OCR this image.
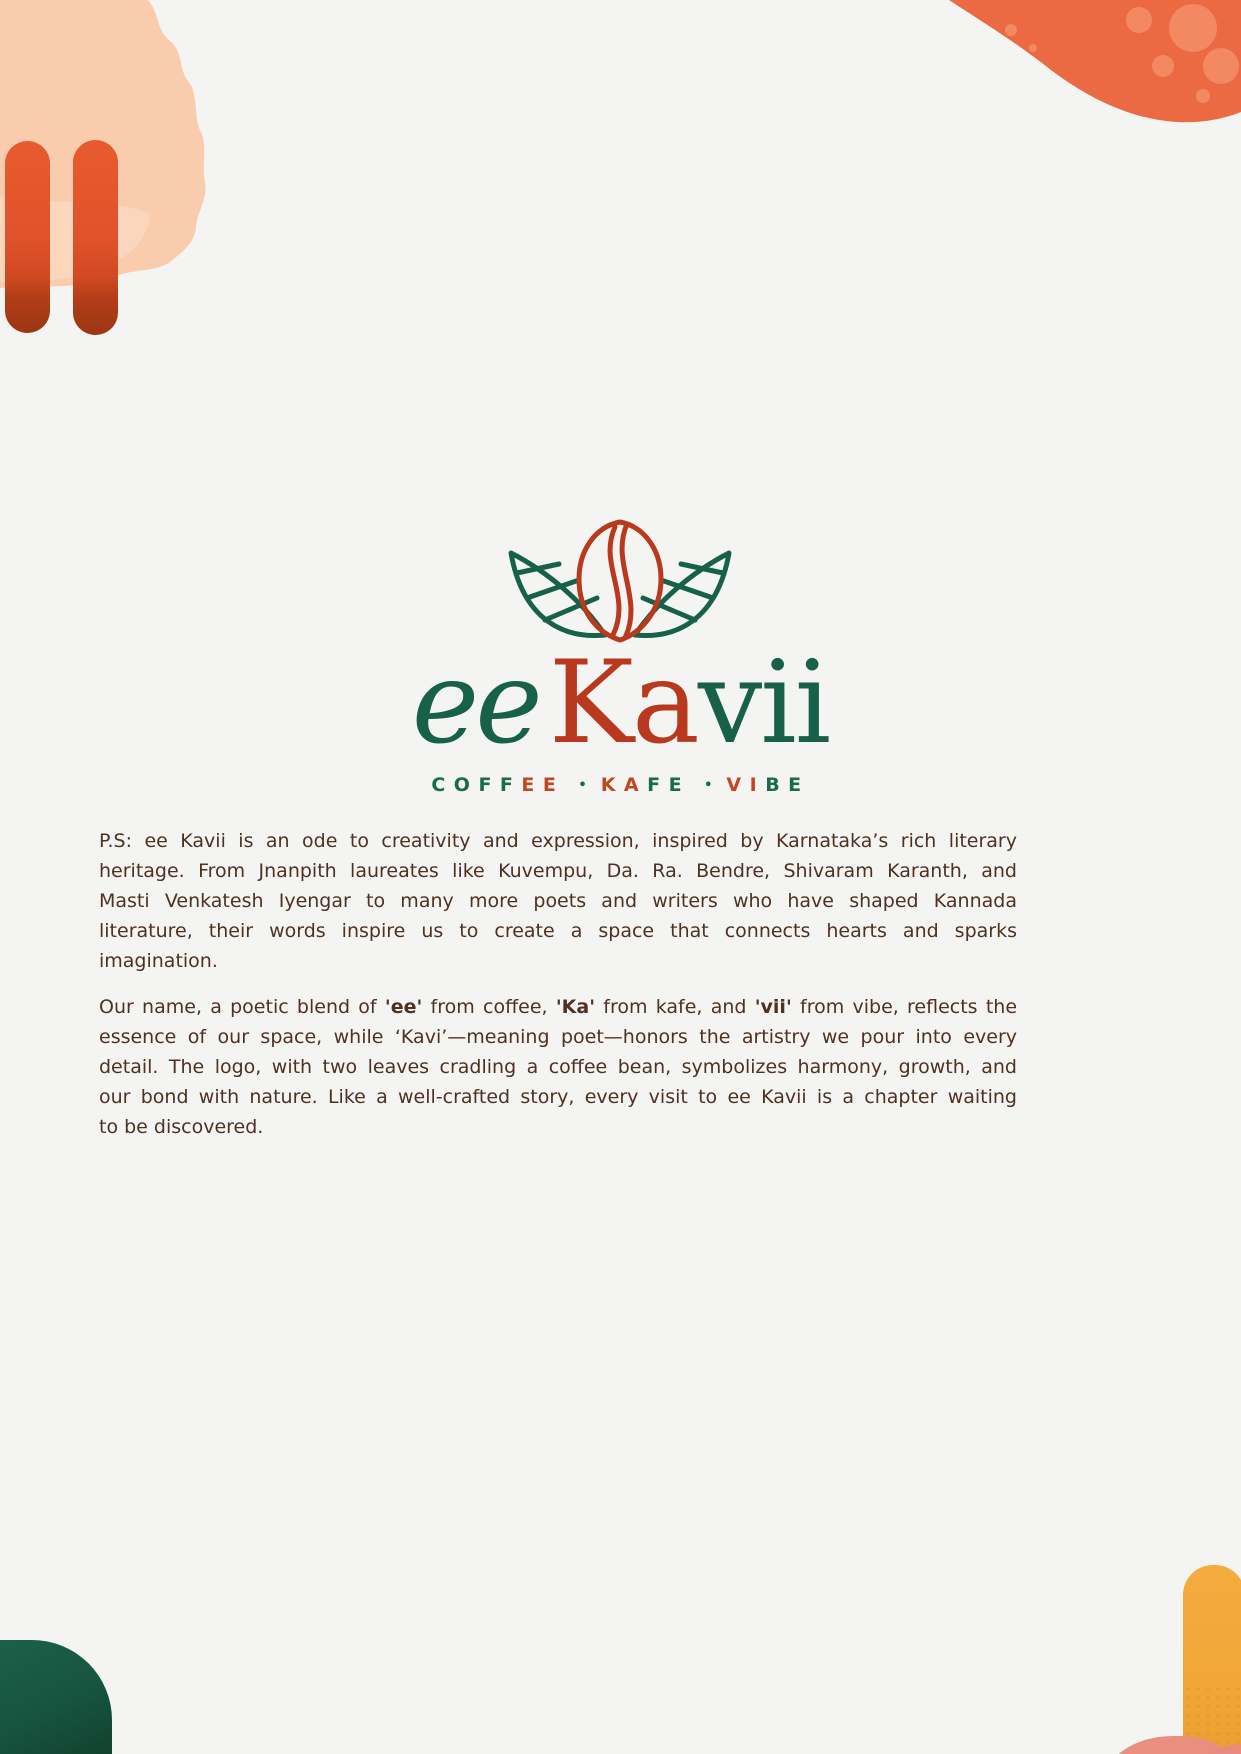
eeKavii
COFFEE • KAFE • VIBE
P.S: ee Kavii is an ode to creativity and expression, inspired by Karnataka’s rich literary
heritage. From Jnanpith laureates like Kuvempu, Da. Ra. Bendre, Shivaram Karanth, and
Masti Venkatesh Iyengar to many more poets and writers who have shaped Kannada
literature, their words inspire us to create a space that connects hearts and sparks
imagination.
Our name, a poetic blend of 'ee' from coffee, 'Ka' from kafe, and 'vii' from vibe, reflects the
essence of our space, while ‘Kavi’—meaning poet—honors the artistry we pour into every
detail. The logo, with two leaves cradling a coffee bean, symbolizes harmony, growth, and
our bond with nature. Like a well-crafted story, every visit to ee Kavii is a chapter waiting
to be discovered.
